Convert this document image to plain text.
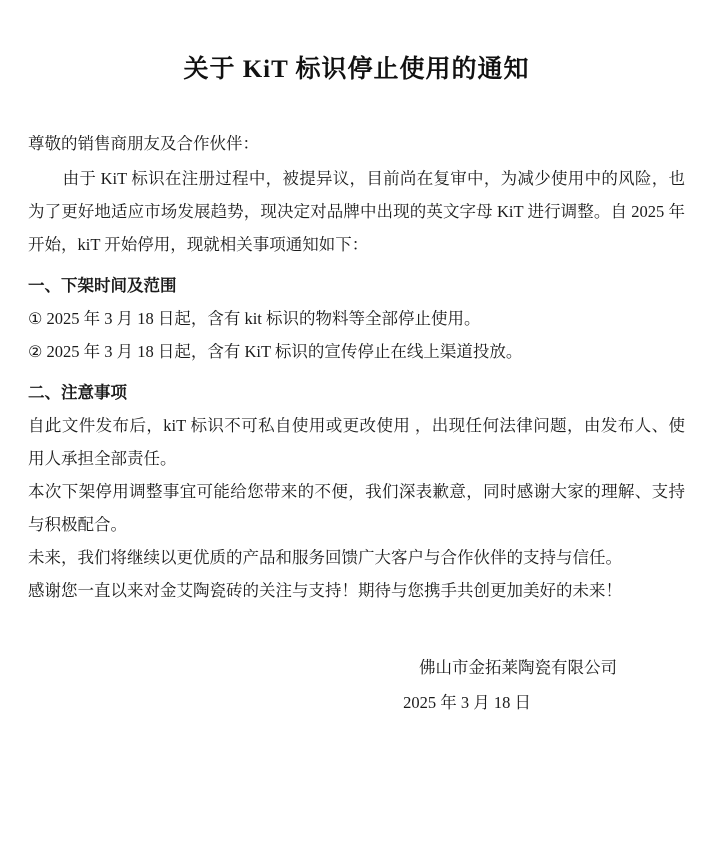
关于 KiT 标识停止使用的通知

尊敬的销售商朋友及合作伙伴：

由于 KiT 标识在注册过程中，被提异议，目前尚在复审中，为减少使用中的风险，也为了更好地适应市场发展趋势，现决定对品牌中出现的英文字母 KiT 进行调整。自 2025 年开始，kiT 开始停用，现就相关事项通知如下：

一、下架时间及范围

① 2025 年 3 月 18 日起，含有 kit 标识的物料等全部停止使用。

② 2025 年 3 月 18 日起，含有 KiT 标识的宣传停止在线上渠道投放。

二、注意事项

自此文件发布后，kiT 标识不可私自使用或更改使用 ，出现任何法律问题，由发布人、使用人承担全部责任。

本次下架停用调整事宜可能给您带来的不便，我们深表歉意，同时感谢大家的理解、支持与积极配合。

未来，我们将继续以更优质的产品和服务回馈广大客户与合作伙伴的支持与信任。

感谢您一直以来对金艾陶瓷砖的关注与支持！期待与您携手共创更加美好的未来！

佛山市金拓莱陶瓷有限公司
2025 年 3 月 18 日
